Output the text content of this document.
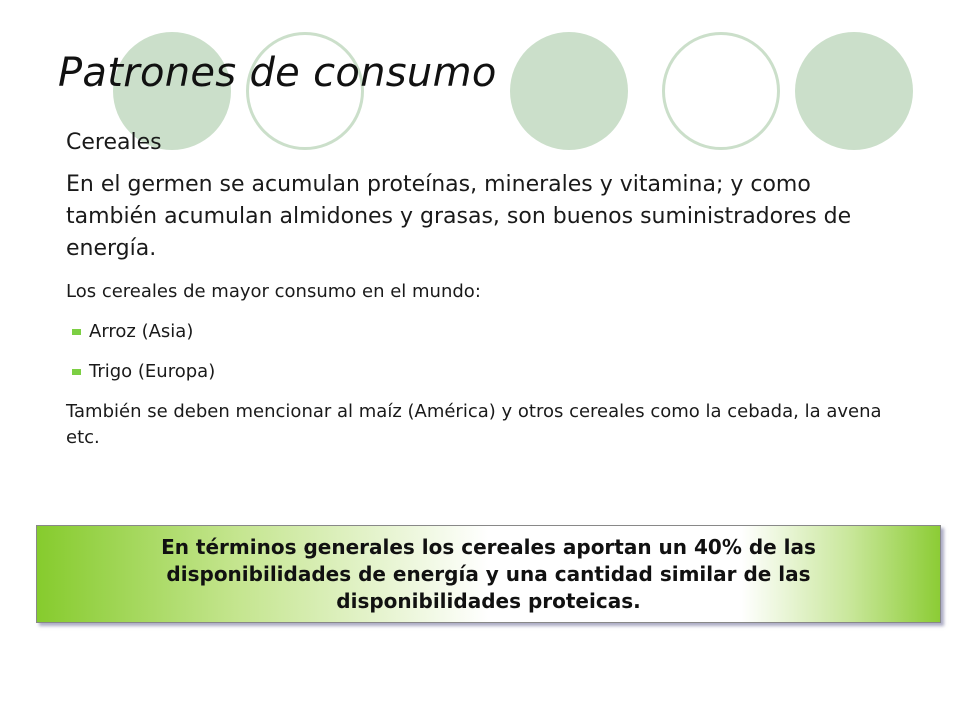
Patrones de consumo
Cereales
En el germen se acumulan proteínas, minerales y vitamina; y como también acumulan almidones y grasas, son buenos suministradores de energía.
Los cereales de mayor consumo en el mundo:
Arroz (Asia)
Trigo (Europa)
También se deben mencionar al maíz (América) y otros cereales como la cebada, la avena etc.
En términos generales los cereales aportan un 40% de las disponibilidades de energía y una cantidad similar de las disponibilidades proteicas.
